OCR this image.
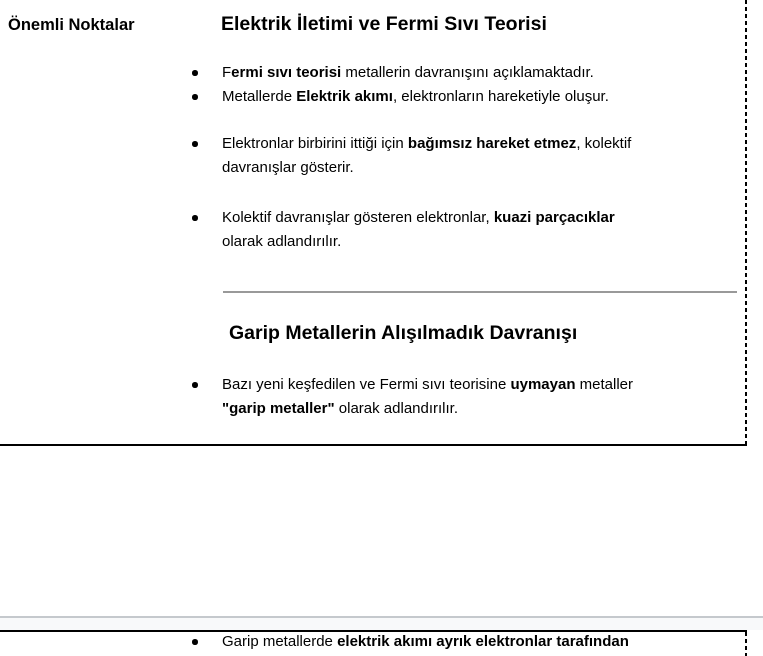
Önemli Noktalar	Elektrik İletimi ve Fermi Sıvı Teorisi
Fermi sıvı teorisi metallerin davranışını açıklamaktadır.
Metallerde Elektrik akımı, elektronların hareketiyle oluşur.
Elektronlar birbirini ittiği için bağımsız hareket etmez, kolektif
davranışlar gösterir.
Kolektif davranışlar gösteren elektronlar, kuazi parçacıklar
olarak adlandırılır.
Garip Metallerin Alışılmadık Davranışı
Bazı yeni keşfedilen ve Fermi sıvı teorisine uymayan metaller
"garip metaller" olarak adlandırılır.
Garip metallerde elektrik akımı ayrık elektronlar tarafından
